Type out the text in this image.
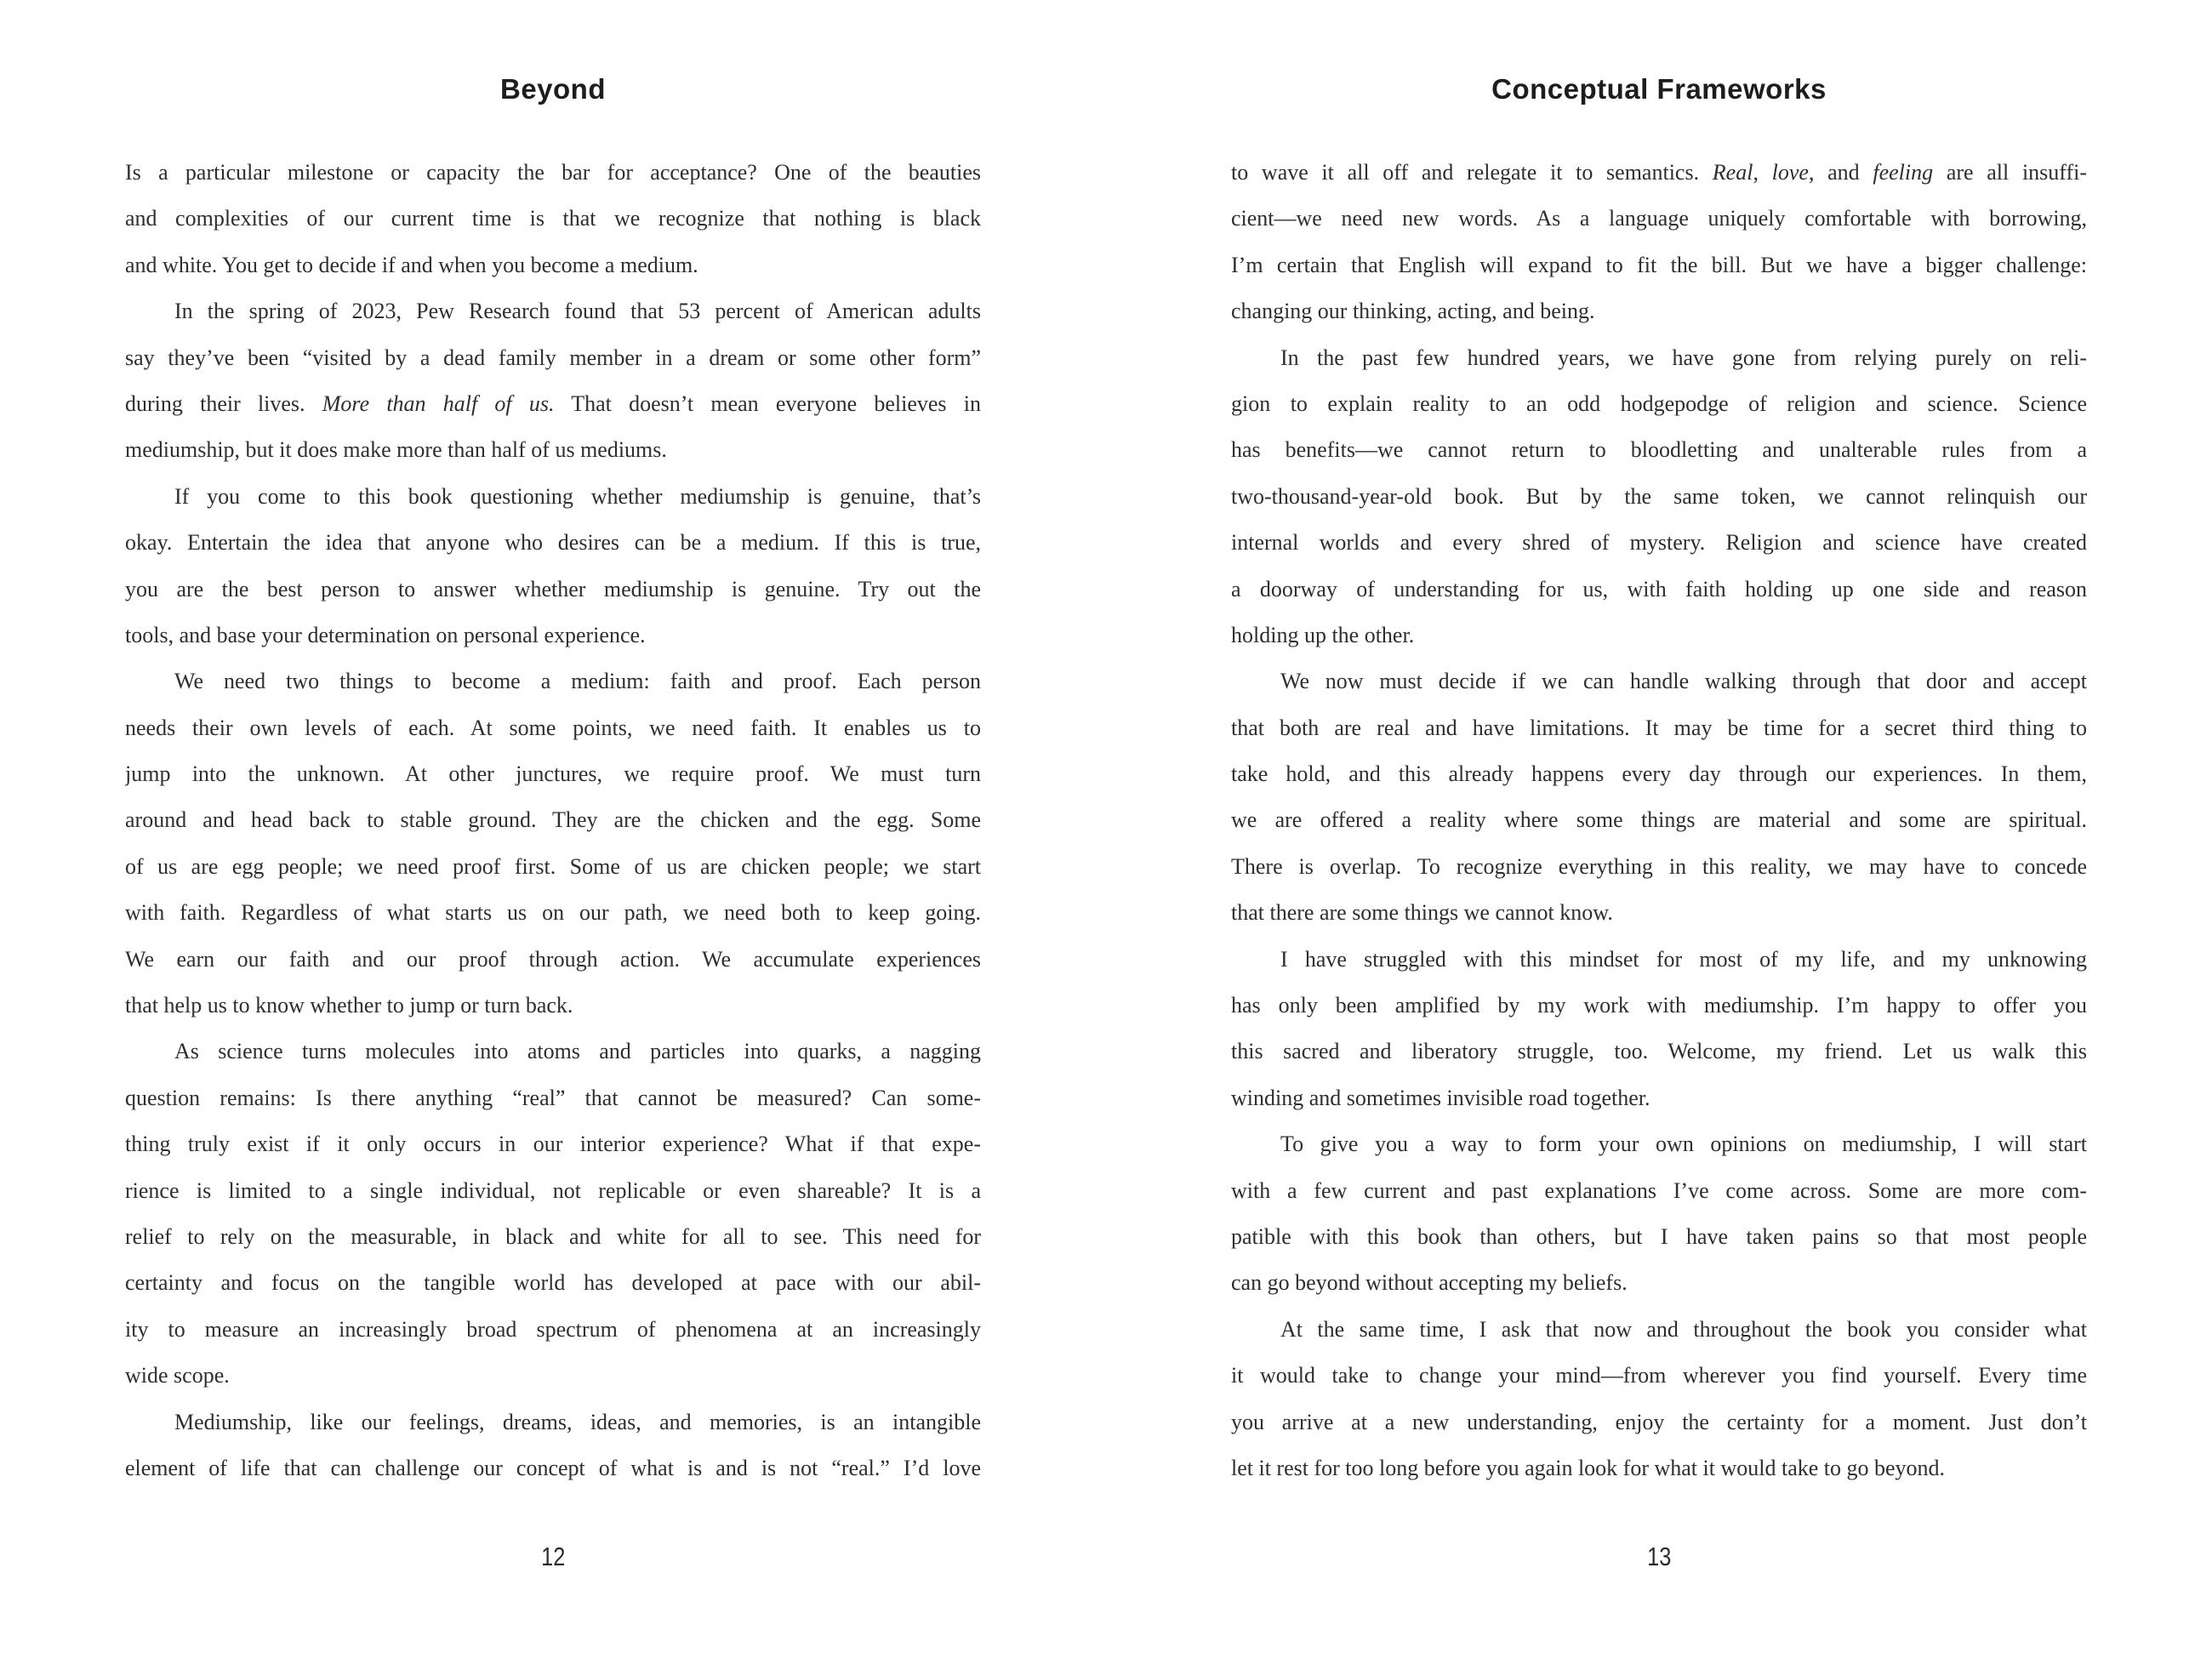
Beyond
Is a particular milestone or capacity the bar for acceptance? One of the beauties
and complexities of our current time is that we recognize that nothing is black
and white. You get to decide if and when you become a medium.
In the spring of 2023, Pew Research found that 53 percent of American adults
say they’ve been “visited by a dead family member in a dream or some other form”
during their lives. More than half of us. That doesn’t mean everyone believes in
mediumship, but it does make more than half of us mediums.
If you come to this book questioning whether mediumship is genuine, that’s
okay. Entertain the idea that anyone who desires can be a medium. If this is true,
you are the best person to answer whether mediumship is genuine. Try out the
tools, and base your determination on personal experience.
We need two things to become a medium: faith and proof. Each person
needs their own levels of each. At some points, we need faith. It enables us to
jump into the unknown. At other junctures, we require proof. We must turn
around and head back to stable ground. They are the chicken and the egg. Some
of us are egg people; we need proof first. Some of us are chicken people; we start
with faith. Regardless of what starts us on our path, we need both to keep going.
We earn our faith and our proof through action. We accumulate experiences
that help us to know whether to jump or turn back.
As science turns molecules into atoms and particles into quarks, a nagging
question remains: Is there anything “real” that cannot be measured? Can some-
thing truly exist if it only occurs in our interior experience? What if that expe-
rience is limited to a single individual, not replicable or even shareable? It is a
relief to rely on the measurable, in black and white for all to see. This need for
certainty and focus on the tangible world has developed at pace with our abil-
ity to measure an increasingly broad spectrum of phenomena at an increasingly
wide scope.
Mediumship, like our feelings, dreams, ideas, and memories, is an intangible
element of life that can challenge our concept of what is and is not “real.” I’d love
12
Conceptual Frameworks
to wave it all off and relegate it to semantics. Real, love, and feeling are all insuffi-
cient—we need new words. As a language uniquely comfortable with borrowing,
I’m certain that English will expand to fit the bill. But we have a bigger challenge:
changing our thinking, acting, and being.
In the past few hundred years, we have gone from relying purely on reli-
gion to explain reality to an odd hodgepodge of religion and science. Science
has benefits—we cannot return to bloodletting and unalterable rules from a
two-thousand-year-old book. But by the same token, we cannot relinquish our
internal worlds and every shred of mystery. Religion and science have created
a doorway of understanding for us, with faith holding up one side and reason
holding up the other.
We now must decide if we can handle walking through that door and accept
that both are real and have limitations. It may be time for a secret third thing to
take hold, and this already happens every day through our experiences. In them,
we are offered a reality where some things are material and some are spiritual.
There is overlap. To recognize everything in this reality, we may have to concede
that there are some things we cannot know.
I have struggled with this mindset for most of my life, and my unknowing
has only been amplified by my work with mediumship. I’m happy to offer you
this sacred and liberatory struggle, too. Welcome, my friend. Let us walk this
winding and sometimes invisible road together.
To give you a way to form your own opinions on mediumship, I will start
with a few current and past explanations I’ve come across. Some are more com-
patible with this book than others, but I have taken pains so that most people
can go beyond without accepting my beliefs.
At the same time, I ask that now and throughout the book you consider what
it would take to change your mind—from wherever you find yourself. Every time
you arrive at a new understanding, enjoy the certainty for a moment. Just don’t
let it rest for too long before you again look for what it would take to go beyond.
13
